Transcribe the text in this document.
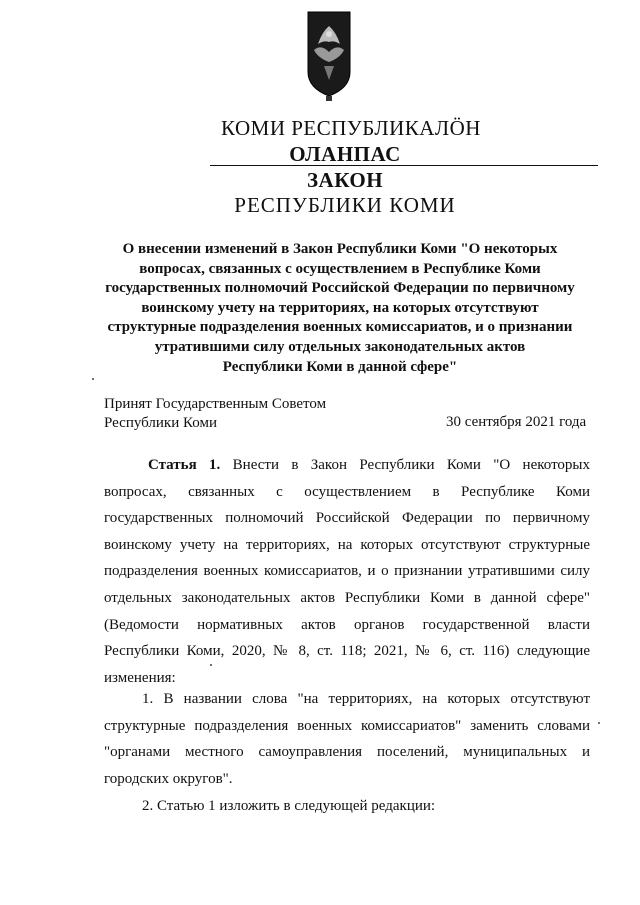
КОМИ РЕСПУБЛИКАЛӦН
ОЛАНПАС
ЗАКОН
РЕСПУБЛИКИ КОМИ
О внесении изменений в Закон Республики Коми "О некоторых
вопросах, связанных с осуществлением в Республике Коми
государственных полномочий Российской Федерации по первичному
воинскому учету на территориях, на которых отсутствуют
структурные подразделения военных комиссариатов, и о признании
утратившими силу отдельных законодательных актов
Республики Коми в данной сфере"
Принят Государственным Советом
Республики Коми	30 сентября 2021 года
Статья 1. Внести в Закон Республики Коми "О некоторых
вопросах, связанных с осуществлением в Республике Коми
государственных полномочий Российской Федерации по первичному
воинскому учету на территориях, на которых отсутствуют структурные
подразделения военных комиссариатов, и о признании утратившими силу
отдельных законодательных актов Республики Коми в данной сфере"
(Ведомости нормативных актов органов государственной власти
Республики Коми, 2020, № 8, ст. 118; 2021, № 6, ст. 116) следующие
изменения:
1. В названии слова "на территориях, на которых отсутствуют
структурные подразделения военных комиссариатов" заменить словами
"органами местного самоуправления поселений, муниципальных и
городских округов".
2. Статью 1 изложить в следующей редакции:
